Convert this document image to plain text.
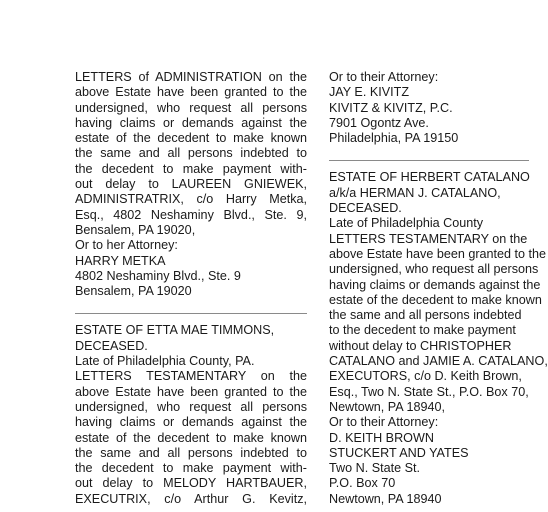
LETTERS of ADMINISTRATION on the
above Estate have been granted to the
undersigned, who request all persons
having claims or demands against the
estate of the decedent to make known
the same and all persons indebted to
the decedent to make payment with-
out delay to LAUREEN GNIEWEK,
ADMINISTRATRIX, c/o Harry Metka,
Esq., 4802 Neshaminy Blvd., Ste. 9,
Bensalem, PA 19020,
Or to her Attorney:
HARRY METKA
4802 Neshaminy Blvd., Ste. 9
Bensalem, PA 19020
ESTATE OF ETTA MAE TIMMONS,
DECEASED.
Late of Philadelphia County, PA.
LETTERS TESTAMENTARY on the
above Estate have been granted to the
undersigned, who request all persons
having claims or demands against the
estate of the decedent to make known
the same and all persons indebted to
the decedent to make payment with-
out delay to MELODY HARTBAUER,
EXECUTRIX, c/o Arthur G. Kevitz,
Or to their Attorney:
JAY E. KIVITZ
KIVITZ & KIVITZ, P.C.
7901 Ogontz Ave.
Philadelphia, PA 19150
ESTATE OF HERBERT CATALANO
a/k/a HERMAN J. CATALANO,
DECEASED.
Late of Philadelphia County
LETTERS TESTAMENTARY on the
above Estate have been granted to the
undersigned, who request all persons
having claims or demands against the
estate of the decedent to make known
the same and all persons indebted
to the decedent to make payment
without delay to CHRISTOPHER
CATALANO and JAMIE A. CATALANO,
EXECUTORS, c/o D. Keith Brown,
Esq., Two N. State St., P.O. Box 70,
Newtown, PA 18940,
Or to their Attorney:
D. KEITH BROWN
STUCKERT AND YATES
Two N. State St.
P.O. Box 70
Newtown, PA 18940
